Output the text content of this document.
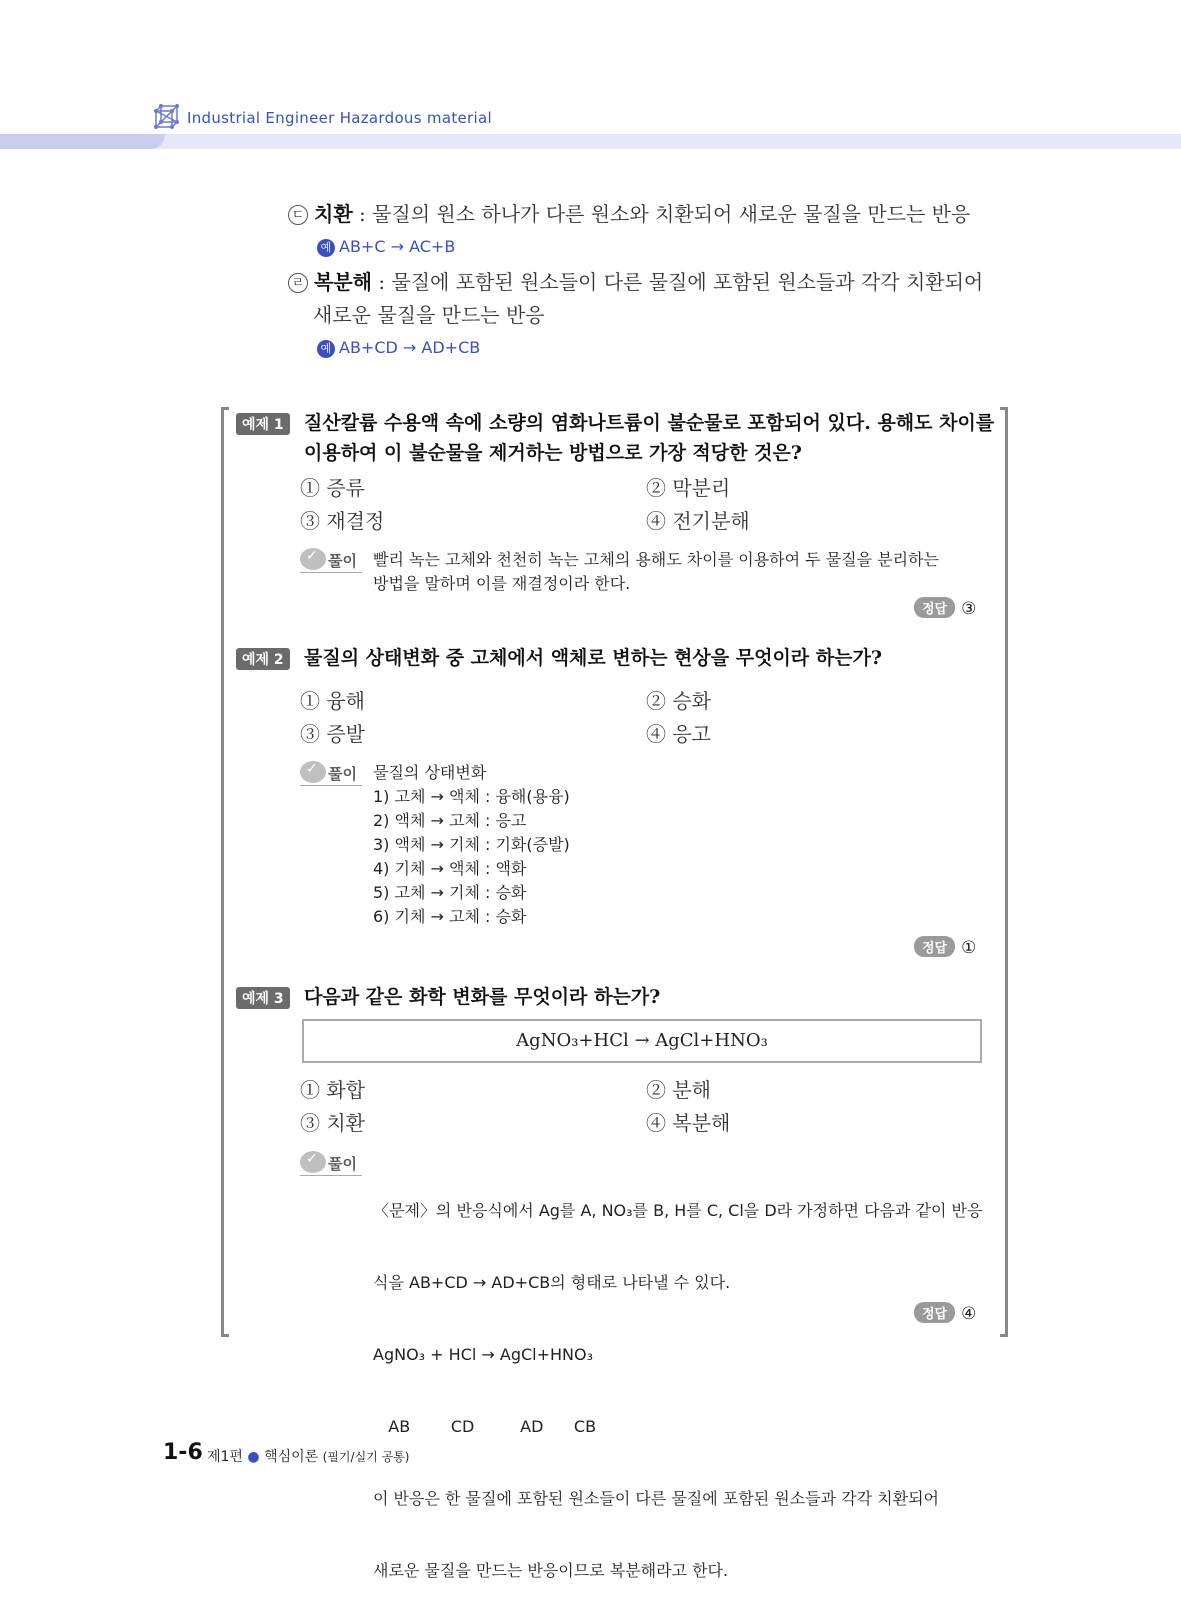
Industrial Engineer Hazardous material
ㄷ 치환 : 물질의 원소 하나가 다른 원소와 치환되어 새로운 물질을 만드는 반응
예 AB+C → AC+B
ㄹ 복분해 : 물질에 포함된 원소들이 다른 물질에 포함된 원소들과 각각 치환되어
새로운 물질을 만드는 반응
예 AB+CD → AD+CB
예제 1	질산칼륨 수용액 속에 소량의 염화나트륨이 불순물로 포함되어 있다. 용해도 차이를
이용하여 이 불순물을 제거하는 방법으로 가장 적당한 것은?
① 증류	② 막분리
③ 재결정	④ 전기분해
✓풀이 빨리 녹는 고체와 천천히 녹는 고체의 용해도 차이를 이용하여 두 물질을 분리하는
방법을 말하며 이를 재결정이라 한다.
정답 ③
예제 2	물질의 상태변화 중 고체에서 액체로 변하는 현상을 무엇이라 하는가?
① 융해	② 승화
③ 증발	④ 응고
✓풀이 물질의 상태변화
1) 고체 → 액체 : 융해(용융)
2) 액체 → 고체 : 응고
3) 액체 → 기체 : 기화(증발)
4) 기체 → 액체 : 액화
5) 고체 → 기체 : 승화
6) 기체 → 고체 : 승화
정답 ①
예제 3	다음과 같은 화학 변화를 무엇이라 하는가?
AgNO₃+HCl → AgCl+HNO₃
① 화합	② 분해
③ 치환	④ 복분해
✓풀이

〈문제〉의 반응식에서 Ag를 A, NO₃를 B, H를 C, Cl을 D라 가정하면 다음과 같이 반응

식을 AB+CD → AD+CB의 형태로 나타낼 수 있다.

AgNO₃ + HCl → AgCl+HNO₃

AB        CD         AD      CB

이 반응은 한 물질에 포함된 원소들이 다른 물질에 포함된 원소들과 각각 치환되어

새로운 물질을 만드는 반응이므로 복분해라고 한다.

정답 ④
1-6 제1편 ● 핵심이론 (필기/실기 공통)
